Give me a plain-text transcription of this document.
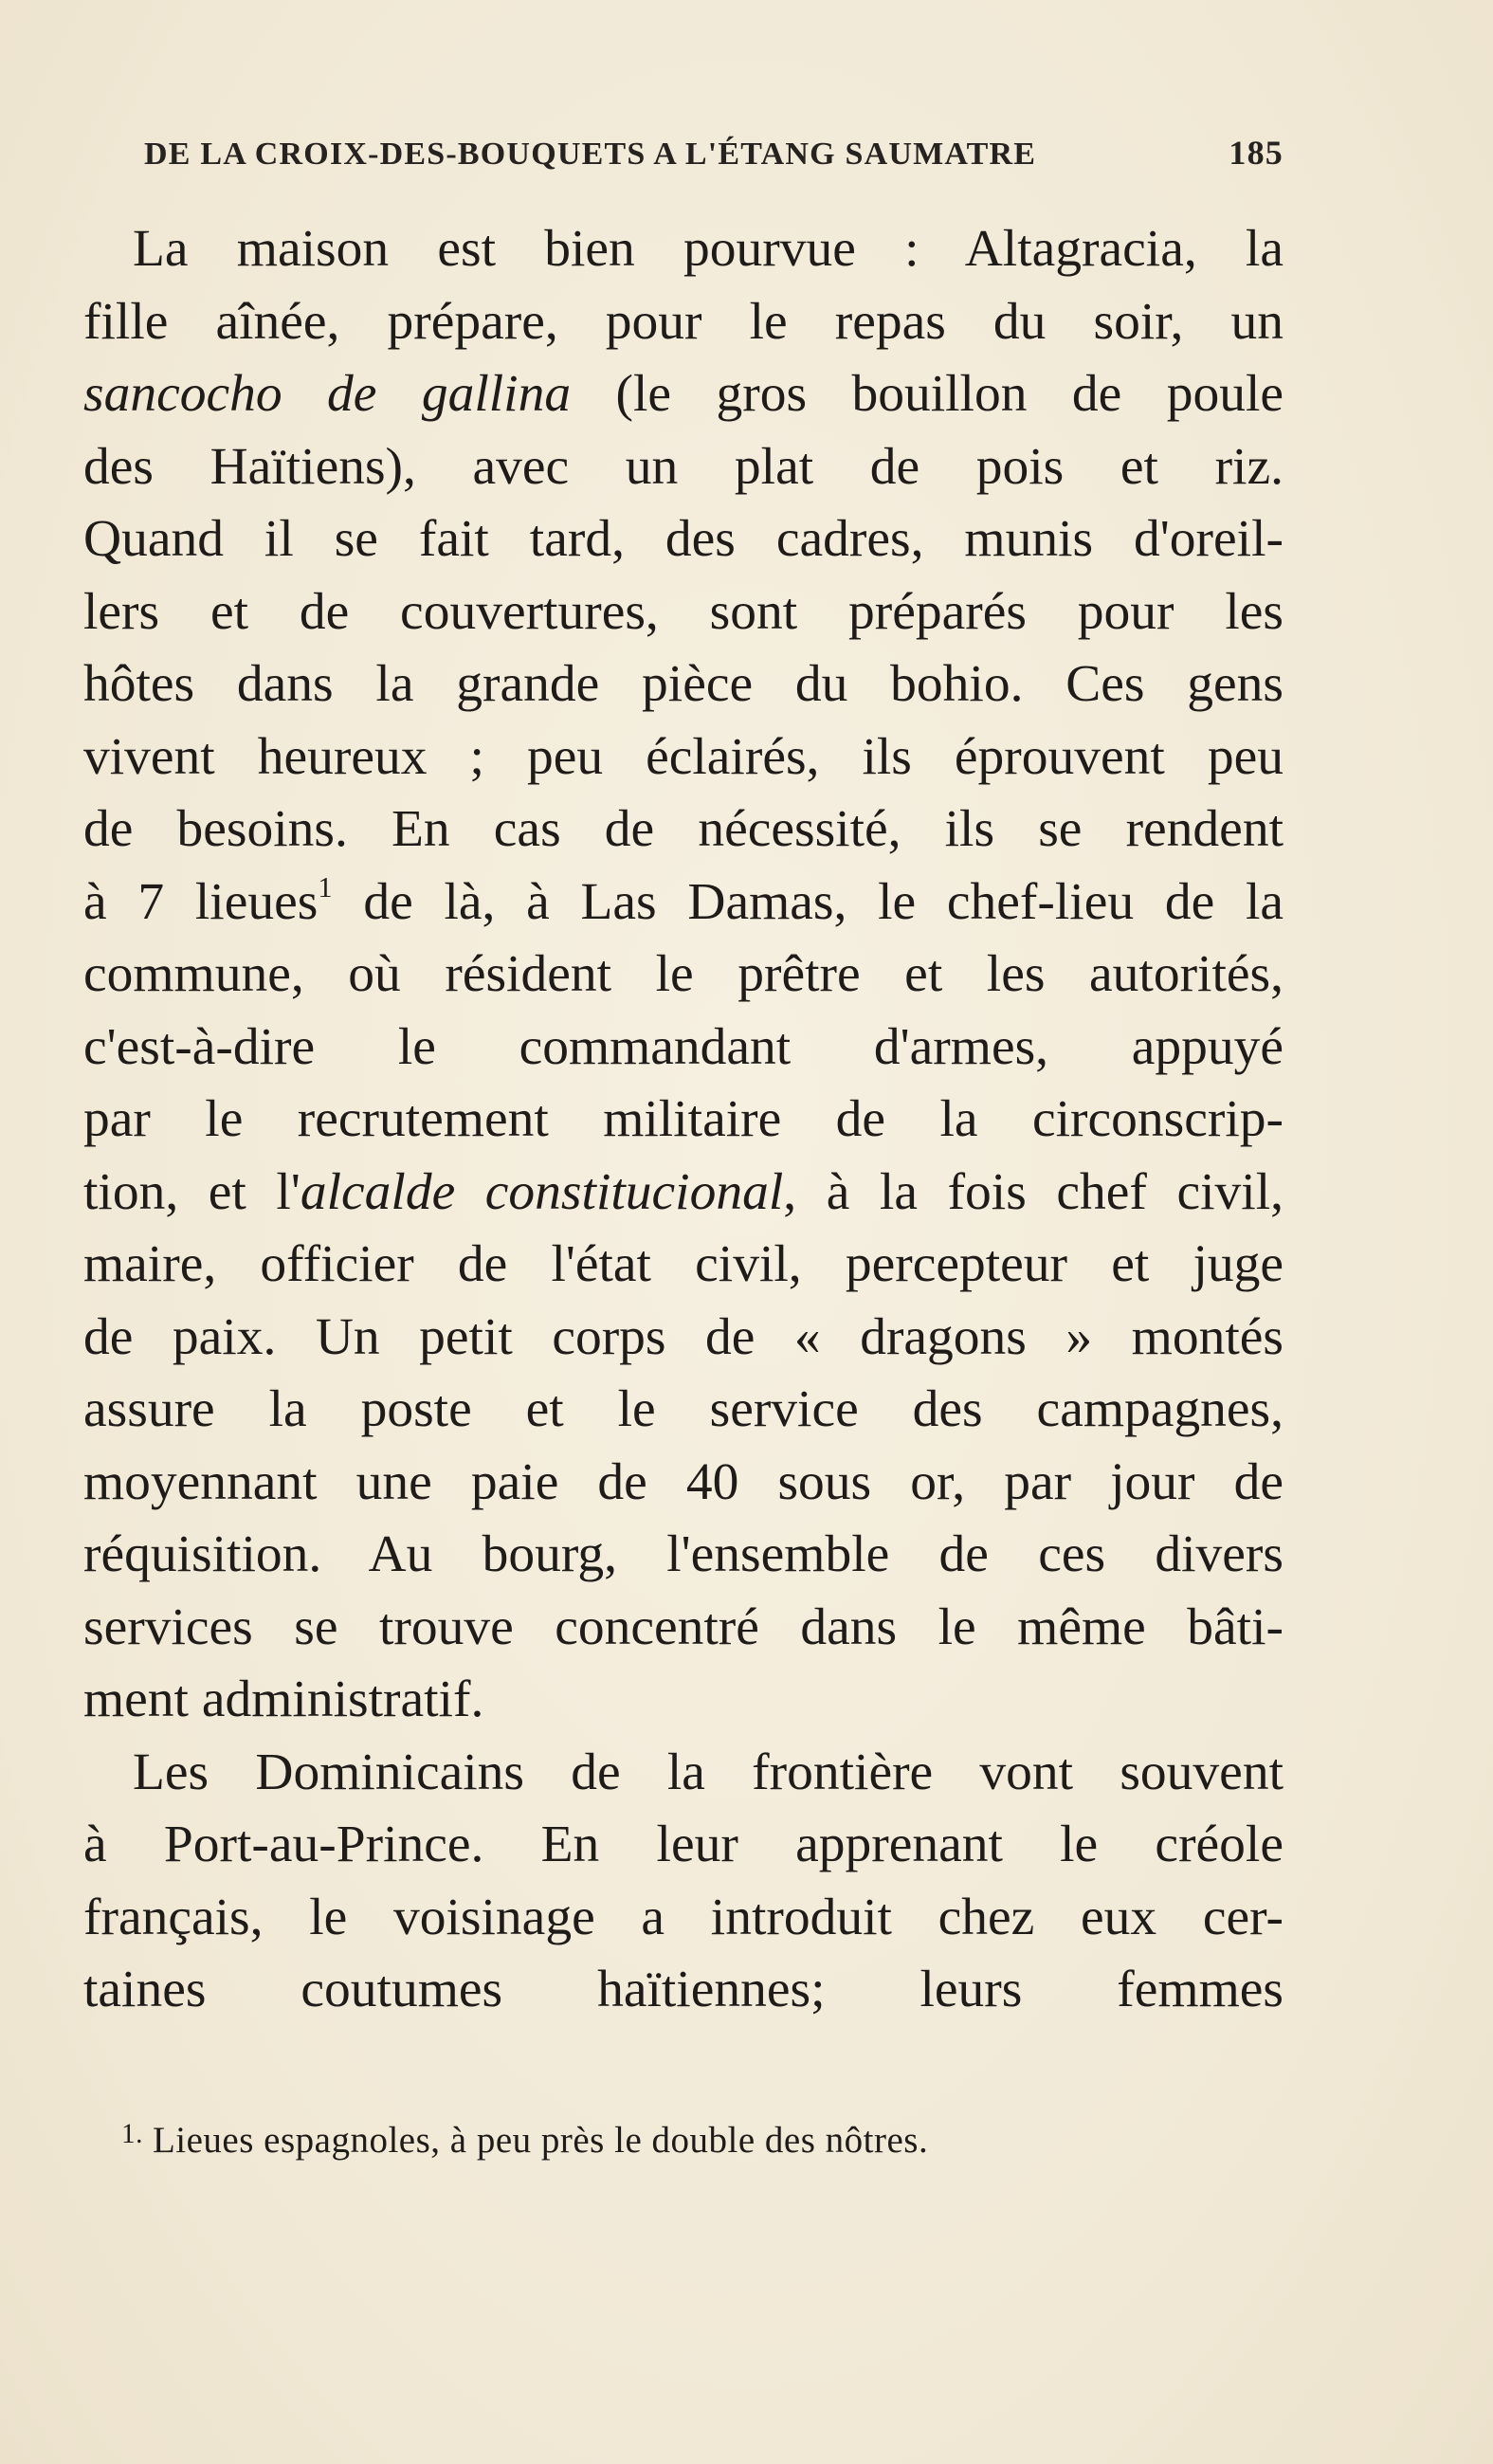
DE LA CROIX-DES-BOUQUETS A L'ÉTANG SAUMATRE	185
La maison est bien pourvue : Altagracia, la
fille aînée, prépare, pour le repas du soir, un
sancocho de gallina (le gros bouillon de poule
des Haïtiens), avec un plat de pois et riz.
Quand il se fait tard, des cadres, munis d'oreil-
lers et de couvertures, sont préparés pour les
hôtes dans la grande pièce du bohio. Ces gens
vivent heureux ; peu éclairés, ils éprouvent peu
de besoins. En cas de nécessité, ils se rendent
à 7 lieues$^1$ de là, à Las Damas, le chef-lieu de la
commune, où résident le prêtre et les autorités,
c'est-à-dire le commandant d'armes, appuyé
par le recrutement militaire de la circonscrip-
tion, et l'alcalde constitucional, à la fois chef civil,
maire, officier de l'état civil, percepteur et juge
de paix. Un petit corps de « dragons » montés
assure la poste et le service des campagnes,
moyennant une paie de 40 sous or, par jour de
réquisition. Au bourg, l'ensemble de ces divers
services se trouve concentré dans le même bâti-
ment administratif.
Les Dominicains de la frontière vont souvent
à Port-au-Prince. En leur apprenant le créole
français, le voisinage a introduit chez eux cer-
taines coutumes haïtiennes; leurs femmes
$^{1.}$ Lieues espagnoles, à peu près le double des nôtres.
